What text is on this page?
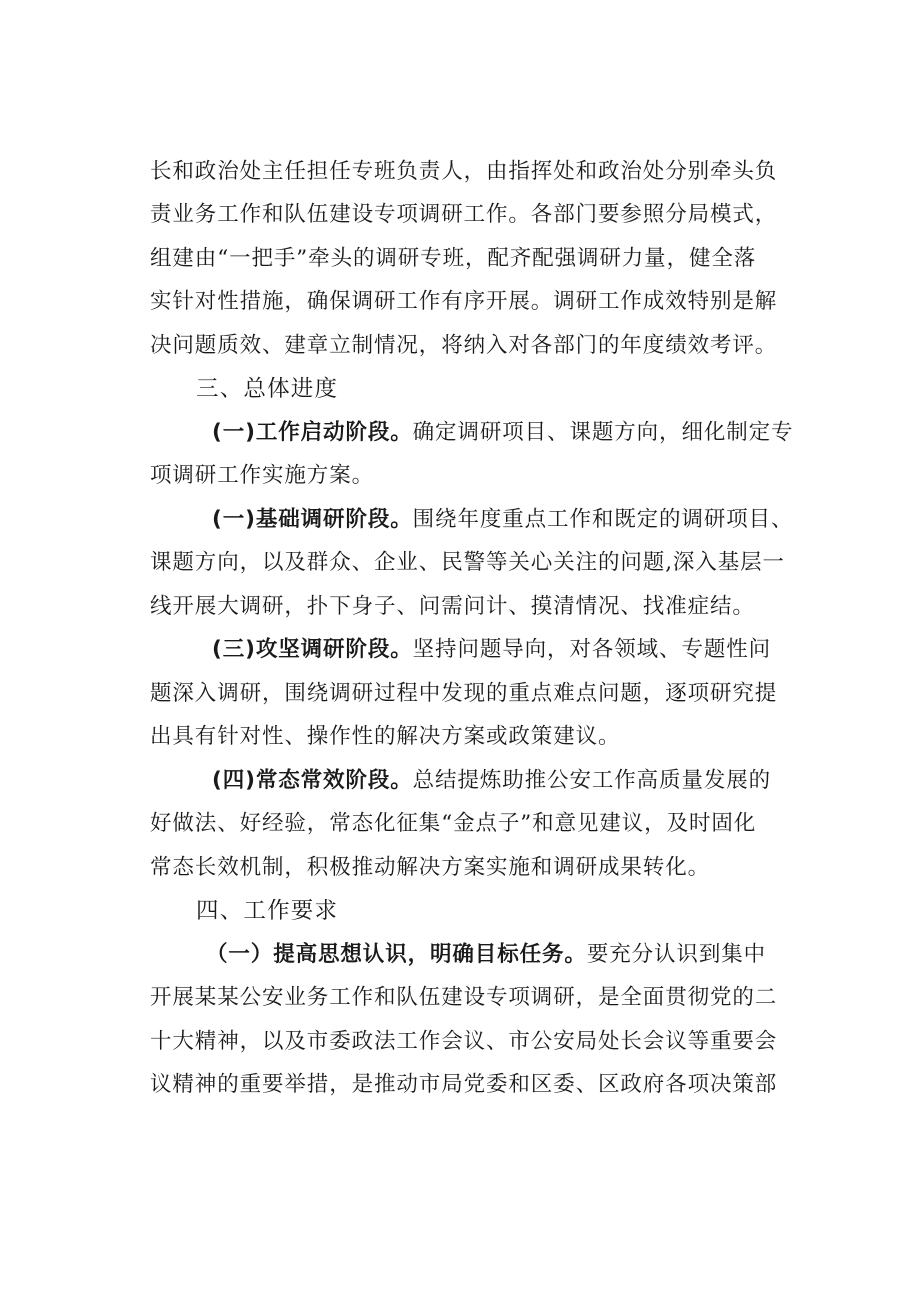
长和政治处主任担任专班负责人，由指挥处和政治处分别牵头负
责业务工作和队伍建设专项调研工作。各部门要参照分局模式，
组建由“一把手”牵头的调研专班，配齐配强调研力量，健全落
实针对性措施，确保调研工作有序开展。调研工作成效特别是解
决问题质效、建章立制情况，将纳入对各部门的年度绩效考评。
三、总体进度
(一)工作启动阶段。确定调研项目、课题方向，细化制定专
项调研工作实施方案。
(一)基础调研阶段。围绕年度重点工作和既定的调研项目、
课题方向，以及群众、企业、民警等关心关注的问题,深入基层一
线开展大调研，扑下身子、问需问计、摸清情况、找准症结。
(三)攻坚调研阶段。坚持问题导向，对各领域、专题性问
题深入调研，围绕调研过程中发现的重点难点问题，逐项研究提
出具有针对性、操作性的解决方案或政策建议。
(四)常态常效阶段。总结提炼助推公安工作高质量发展的
好做法、好经验，常态化征集“金点子”和意见建议，及时固化
常态长效机制，积极推动解决方案实施和调研成果转化。
四、工作要求
（一）提高思想认识，明确目标任务。要充分认识到集中
开展某某公安业务工作和队伍建设专项调研，是全面贯彻党的二
十大精神，以及市委政法工作会议、市公安局处长会议等重要会
议精神的重要举措，是推动市局党委和区委、区政府各项决策部
